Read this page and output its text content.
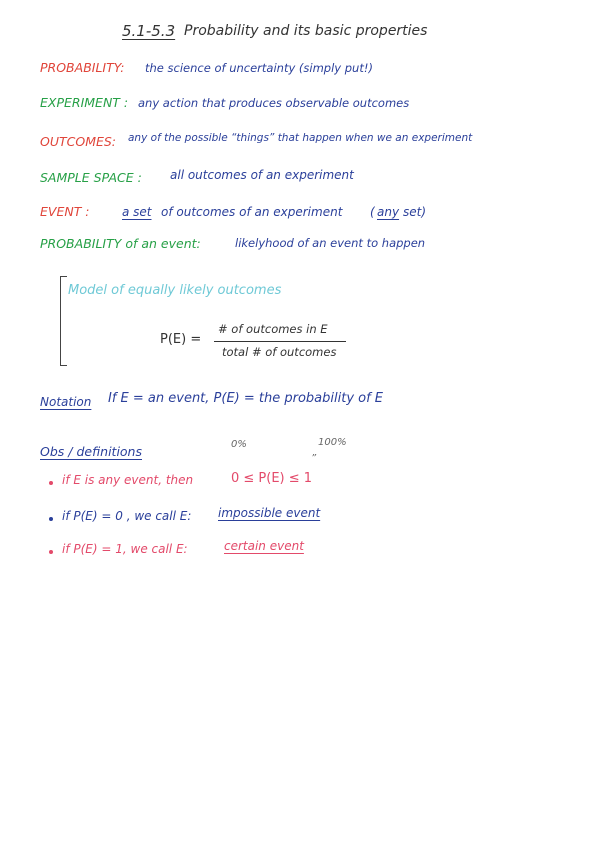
5.1-5.3 Probability and its basic properties
PROBABILITY: the science of uncertainty (simply put!)
EXPERIMENT : any action that produces observable outcomes
OUTCOMES: any of the possible “things” that happen when we an experiment
SAMPLE SPACE : all outcomes of an experiment
EVENT :	a set of outcomes of an experiment ( any set)
PROBABILITY of an event:	likelyhood of an event to happen
Model of equally likely outcomes
P(E) =
# of outcomes in E
total # of outcomes
Notation If E = an event, P(E) = the probability of E
Obs / definitions	0%	100%
”
if E is any event, then	0 ≤ P(E) ≤ 1
if P(E) = 0 , we call E: impossible event
if P(E) = 1, we call E:	certain event
